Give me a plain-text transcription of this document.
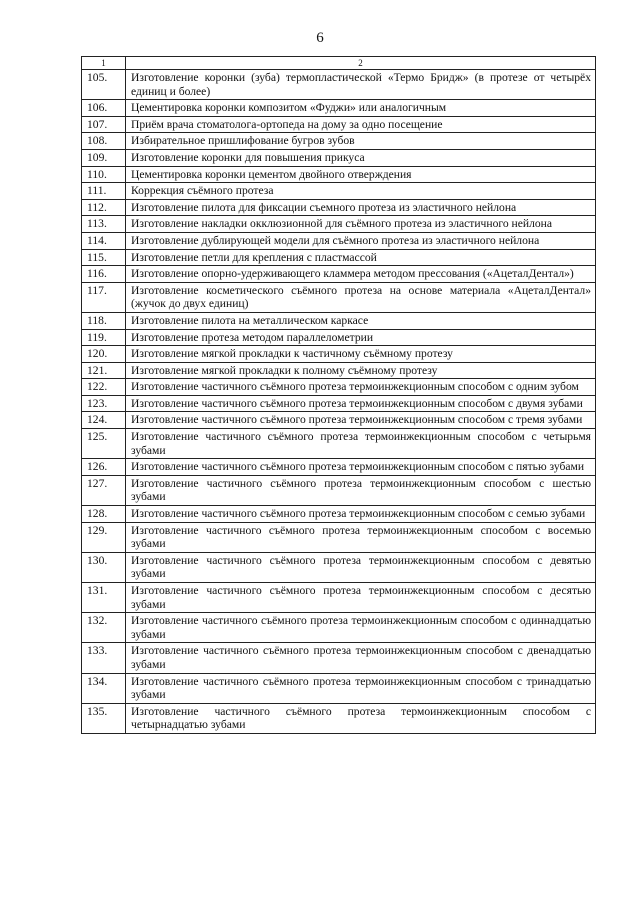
6
1	2
105.	Изготовление коронки (зуба) термопластической «Термо Бридж» (в протезе от четырёх единиц и более)
106.	Цементировка коронки композитом «Фуджи» или аналогичным
107.	Приём врача стоматолога-ортопеда на дому за одно посещение
108.	Избирательное пришлифование бугров зубов
109.	Изготовление коронки для повышения прикуса
110.	Цементировка коронки цементом двойного отверждения
111.	Коррекция съёмного протеза
112.	Изготовление пилота для фиксации съемного протеза из эластичного нейлона
113.	Изготовление накладки окклюзионной для съёмного протеза из эластичного нейлона
114.	Изготовление дублирующей модели для съёмного протеза из эластичного нейлона
115.	Изготовление петли для крепления с пластмассой
116.	Изготовление опорно-удерживающего кламмера методом прессования («АцеталДентал»)
117.	Изготовление косметического съёмного протеза на основе материала «АцеталДентал» (жучок до двух единиц)
118.	Изготовление пилота на металлическом каркасе
119.	Изготовление протеза методом параллелометрии
120.	Изготовление мягкой прокладки к частичному съёмному протезу
121.	Изготовление мягкой прокладки к полному съёмному протезу
122.	Изготовление частичного съёмного протеза термоинжекционным способом с одним зубом
123.	Изготовление частичного съёмного протеза термоинжекционным способом с двумя зубами
124.	Изготовление частичного съёмного протеза термоинжекционным способом с тремя зубами
125.	Изготовление частичного съёмного протеза термоинжекционным способом с четырьмя зубами
126.	Изготовление частичного съёмного протеза термоинжекционным способом с пятью зубами
127.	Изготовление частичного съёмного протеза термоинжекционным способом с шестью зубами
128.	Изготовление частичного съёмного протеза термоинжекционным способом с семью зубами
129.	Изготовление частичного съёмного протеза термоинжекционным способом с восемью зубами
130.	Изготовление частичного съёмного протеза термоинжекционным способом с девятью зубами
131.	Изготовление частичного съёмного протеза термоинжекционным способом с десятью зубами
132.	Изготовление частичного съёмного протеза термоинжекционным способом с одиннадцатью зубами
133.	Изготовление частичного съёмного протеза термоинжекционным способом с двенадцатью зубами
134.	Изготовление частичного съёмного протеза термоинжекционным способом с тринадцатью зубами
135.	Изготовление частичного съёмного протеза термоинжекционным способом с четырнадцатью зубами
